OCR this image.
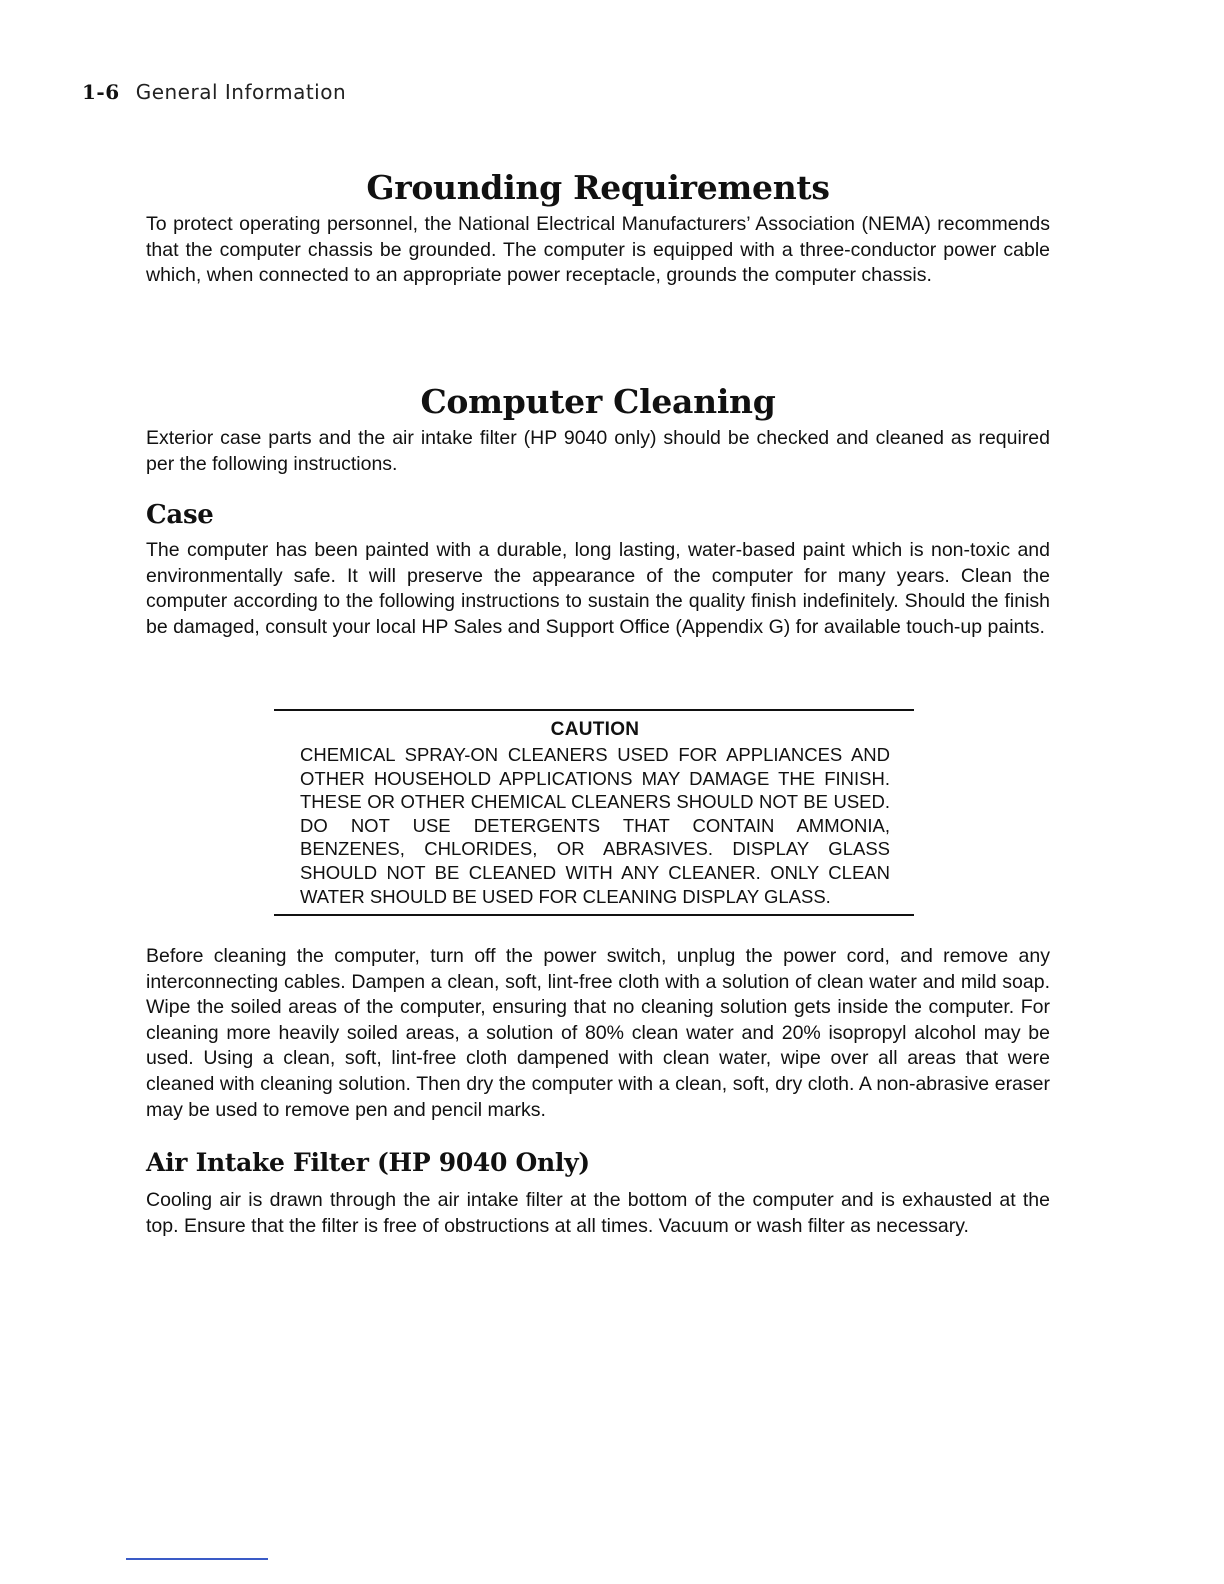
1-6 General Information
Grounding Requirements

To protect operating personnel, the National Electrical Manufacturers’ Association (NEMA) recommends that the computer chassis be grounded. The computer is equipped with a three-conductor power cable which, when connected to an appropriate power receptacle, grounds the computer chassis.

Computer Cleaning

Exterior case parts and the air intake filter (HP 9040 only) should be checked and cleaned as required per the following instructions.

Case

The computer has been painted with a durable, long lasting, water-based paint which is non-toxic and environmentally safe. It will preserve the appearance of the computer for many years. Clean the computer according to the following instructions to sustain the quality finish indefinitely. Should the finish be damaged, consult your local HP Sales and Support Office (Appendix G) for available touch-up paints.

CAUTION
CHEMICAL SPRAY-ON CLEANERS USED FOR APPLIANCES AND OTHER HOUSEHOLD APPLICATIONS MAY DAMAGE THE FINISH. THESE OR OTHER CHEMICAL CLEANERS SHOULD NOT BE USED. DO NOT USE DETERGENTS THAT CONTAIN AMMONIA, BENZENES, CHLORIDES, OR ABRASIVES. DISPLAY GLASS SHOULD NOT BE CLEANED WITH ANY CLEANER. ONLY CLEAN WATER SHOULD BE USED FOR CLEANING DISPLAY GLASS.

Before cleaning the computer, turn off the power switch, unplug the power cord, and remove any interconnecting cables. Dampen a clean, soft, lint-free cloth with a solution of clean water and mild soap. Wipe the soiled areas of the computer, ensuring that no cleaning solution gets inside the computer. For cleaning more heavily soiled areas, a solution of 80% clean water and 20% isopropyl alcohol may be used. Using a clean, soft, lint-free cloth dampened with clean water, wipe over all areas that were cleaned with cleaning solution. Then dry the computer with a clean, soft, dry cloth. A non-abrasive eraser may be used to remove pen and pencil marks.

Air Intake Filter (HP 9040 Only)

Cooling air is drawn through the air intake filter at the bottom of the computer and is exhausted at the top. Ensure that the filter is free of obstructions at all times. Vacuum or wash filter as necessary.
